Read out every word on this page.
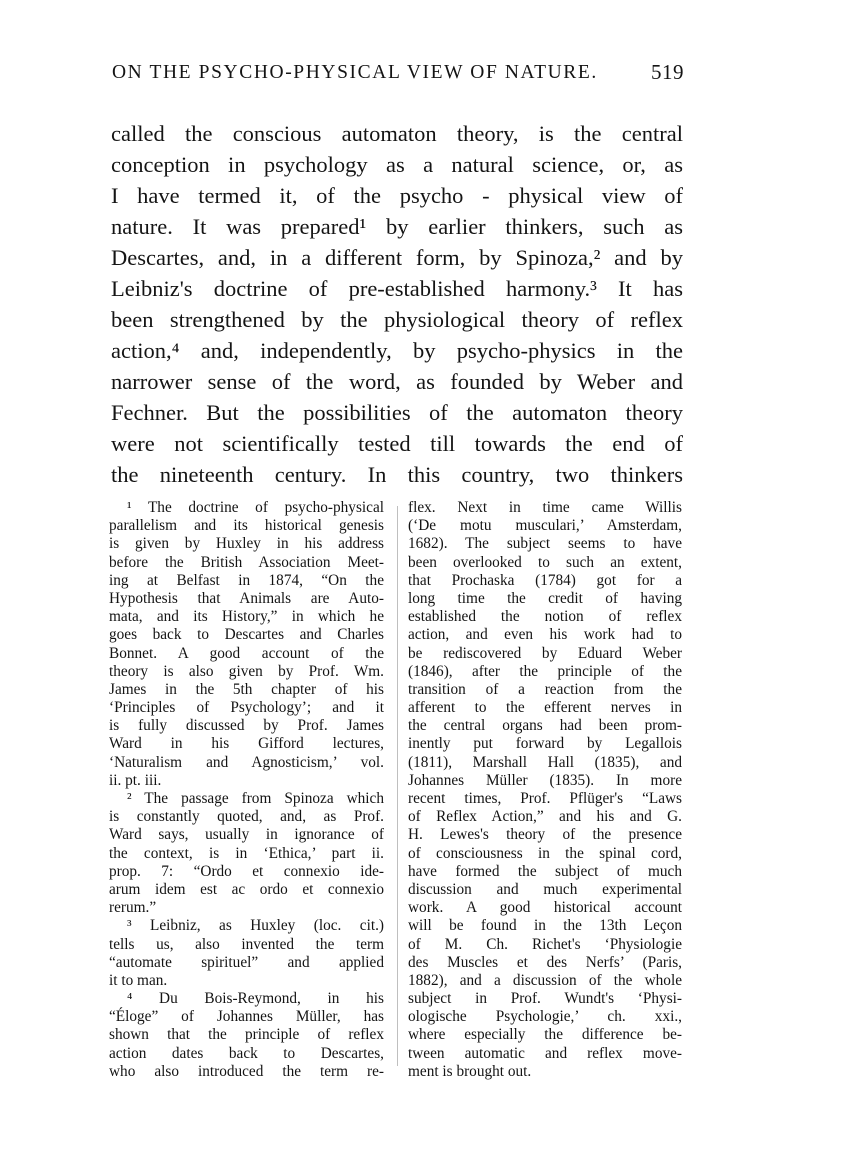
ON THE PSYCHO-PHYSICAL VIEW OF NATURE.	519
called the conscious automaton theory, is the central
conception in psychology as a natural science, or, as
I have termed it, of the psycho - physical view of
nature. It was prepared¹ by earlier thinkers, such as
Descartes, and, in a different form, by Spinoza,² and by
Leibniz's doctrine of pre-established harmony.³ It has
been strengthened by the physiological theory of reflex
action,⁴ and, independently, by psycho-physics in the
narrower sense of the word, as founded by Weber and
Fechner. But the possibilities of the automaton theory
were not scientifically tested till towards the end of
the nineteenth century. In this country, two thinkers
¹ The doctrine of psycho-physical
parallelism and its historical genesis
is given by Huxley in his address
before the British Association Meet-
ing at Belfast in 1874, “On the
Hypothesis that Animals are Auto-
mata, and its History,” in which he
goes back to Descartes and Charles
Bonnet. A good account of the
theory is also given by Prof. Wm.
James in the 5th chapter of his
‘Principles of Psychology’; and it
is fully discussed by Prof. James
Ward in his Gifford lectures,
‘Naturalism and Agnosticism,’ vol.
ii. pt. iii.
² The passage from Spinoza which
is constantly quoted, and, as Prof.
Ward says, usually in ignorance of
the context, is in ‘Ethica,’ part ii.
prop. 7: “Ordo et connexio ide-
arum idem est ac ordo et connexio
rerum.”
³ Leibniz, as Huxley (loc. cit.)
tells us, also invented the term
“automate spirituel” and applied
it to man.
⁴ Du Bois-Reymond, in his
“Éloge” of Johannes Müller, has
shown that the principle of reflex
action dates back to Descartes,
who also introduced the term re-
flex. Next in time came Willis
(‘De motu musculari,’ Amsterdam,
1682). The subject seems to have
been overlooked to such an extent,
that Prochaska (1784) got for a
long time the credit of having
established the notion of reflex
action, and even his work had to
be rediscovered by Eduard Weber
(1846), after the principle of the
transition of a reaction from the
afferent to the efferent nerves in
the central organs had been prom-
inently put forward by Legallois
(1811), Marshall Hall (1835), and
Johannes Müller (1835). In more
recent times, Prof. Pflüger's “Laws
of Reflex Action,” and his and G.
H. Lewes's theory of the presence
of consciousness in the spinal cord,
have formed the subject of much
discussion and much experimental
work. A good historical account
will be found in the 13th Leçon
of M. Ch. Richet's ‘Physiologie
des Muscles et des Nerfs’ (Paris,
1882), and a discussion of the whole
subject in Prof. Wundt's ‘Physi-
ologische Psychologie,’ ch. xxi.,
where especially the difference be-
tween automatic and reflex move-
ment is brought out.
